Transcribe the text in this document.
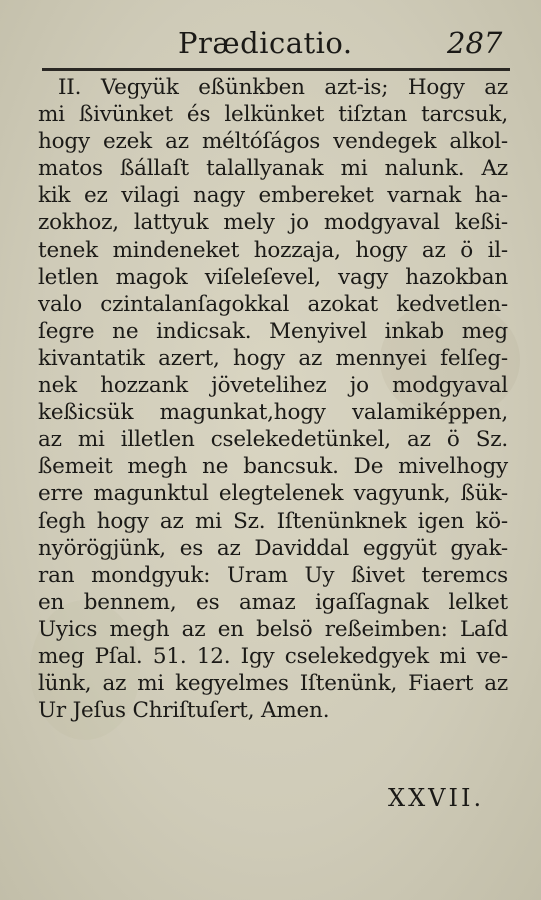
Prædicatio.	287
II. Vegyük eßünkben azt-is; Hogy az
mi ßivünket és lelkünket tiſztan tarcsuk,
hogy ezek az méltóſágos vendegek alkol-
matos ßállaſt talallyanak mi nalunk. Az
kik ez vilagi nagy embereket varnak ha-
zokhoz, lattyuk mely jo modgyaval keßi-
tenek mindeneket hozzaja, hogy az ö il-
letlen magok viſeleſevel, vagy hazokban
valo czintalanſagokkal azokat kedvetlen-
ſegre ne indicsak. Menyivel inkab meg
kivantatik azert, hogy az mennyei felſeg-
nek hozzank jövetelihez jo modgyaval
keßicsük magunkat,hogy valamiképpen,
az mi illetlen cselekedetünkel, az ö Sz.
ßemeit megh ne bancsuk. De mivelhogy
erre magunktul elegtelenek vagyunk, ßük-
ſegh hogy az mi Sz. Iſtenünknek igen kö-
nyörögjünk, es az Daviddal eggyüt gyak-
ran mondgyuk: Uram Uy ßivet teremcs
en bennem, es amaz igaſſagnak lelket
Uyics megh az en belsö reßeimben: Laſd
meg Pſal. 51. 12. Igy cselekedgyek mi ve-
lünk, az mi kegyelmes Iſtenünk, Fiaert az
Ur Jeſus Chriſtuſert, Amen.
XXVII.
